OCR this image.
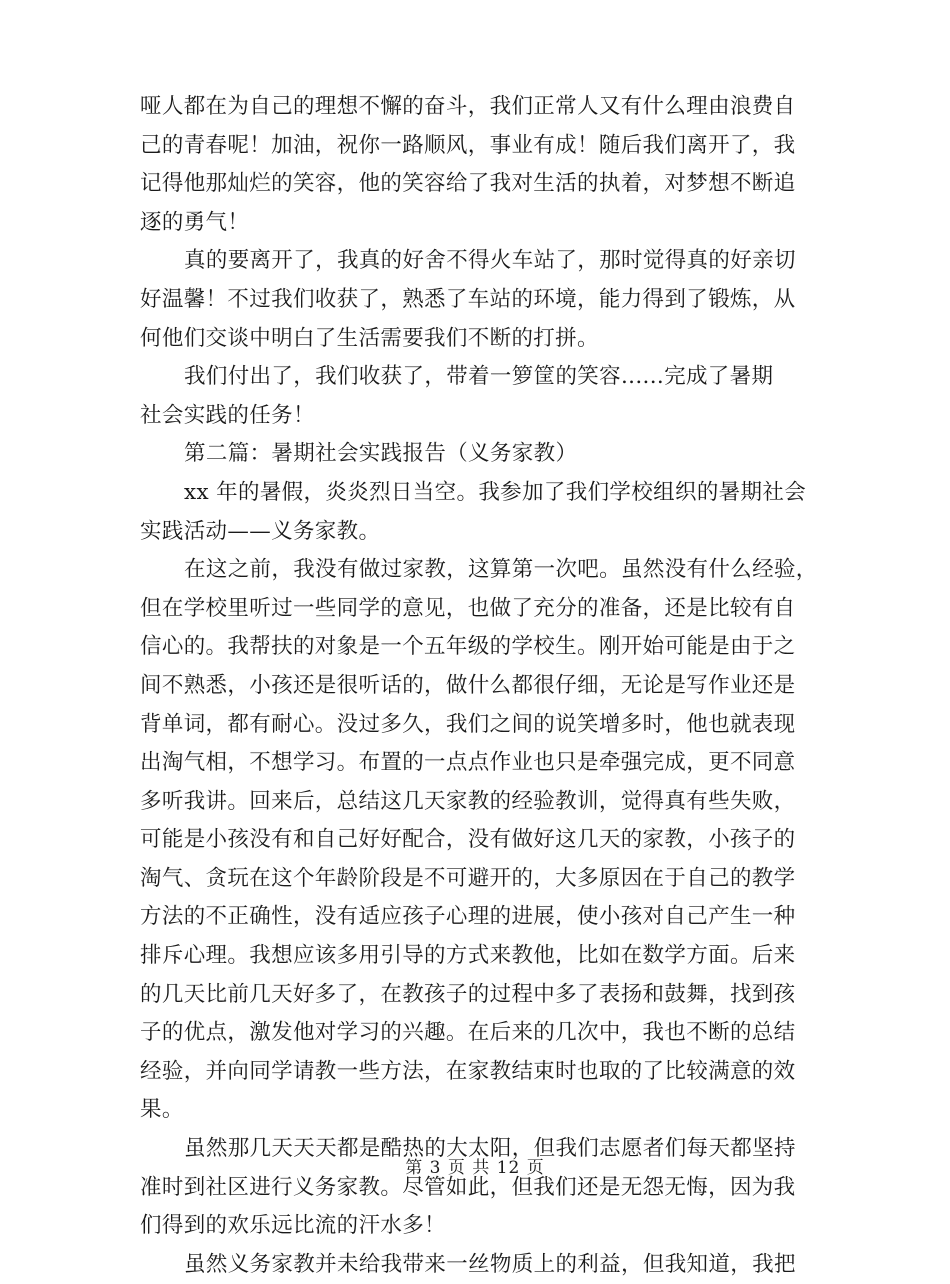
哑人都在为自己的理想不懈的奋斗，我们正常人又有什么理由浪费自
己的青春呢！加油，祝你一路顺风，事业有成！随后我们离开了，我
记得他那灿烂的笑容，他的笑容给了我对生活的执着，对梦想不断追
逐的勇气！
真的要离开了，我真的好舍不得火车站了，那时觉得真的好亲切
好温馨！不过我们收获了，熟悉了车站的环境，能力得到了锻炼，从
何他们交谈中明白了生活需要我们不断的打拼。
我们付出了，我们收获了，带着一箩筐的笑容......完成了暑期
社会实践的任务！
第二篇：暑期社会实践报告（义务家教）
xx 年的暑假，炎炎烈日当空。我参加了我们学校组织的暑期社会
实践活动——义务家教。
在这之前，我没有做过家教，这算第一次吧。虽然没有什么经验，
但在学校里听过一些同学的意见，也做了充分的准备，还是比较有自
信心的。我帮扶的对象是一个五年级的学校生。刚开始可能是由于之
间不熟悉，小孩还是很听话的，做什么都很仔细，无论是写作业还是
背单词，都有耐心。没过多久，我们之间的说笑增多时，他也就表现
出淘气相，不想学习。布置的一点点作业也只是牵强完成，更不同意
多听我讲。回来后，总结这几天家教的经验教训，觉得真有些失败，
可能是小孩没有和自己好好配合，没有做好这几天的家教，小孩子的
淘气、贪玩在这个年龄阶段是不可避开的，大多原因在于自己的教学
方法的不正确性，没有适应孩子心理的进展，使小孩对自己产生一种
排斥心理。我想应该多用引导的方式来教他，比如在数学方面。后来
的几天比前几天好多了，在教孩子的过程中多了表扬和鼓舞，找到孩
子的优点，激发他对学习的兴趣。在后来的几次中，我也不断的总结
经验，并向同学请教一些方法，在家教结束时也取的了比较满意的效
果。
虽然那几天天天都是酷热的大太阳，但我们志愿者们每天都坚持
准时到社区进行义务家教。尽管如此，但我们还是无怨无悔，因为我
们得到的欢乐远比流的汗水多！
虽然义务家教并未给我带来一丝物质上的利益，但我知道，我把
第 3 页 共 12 页
